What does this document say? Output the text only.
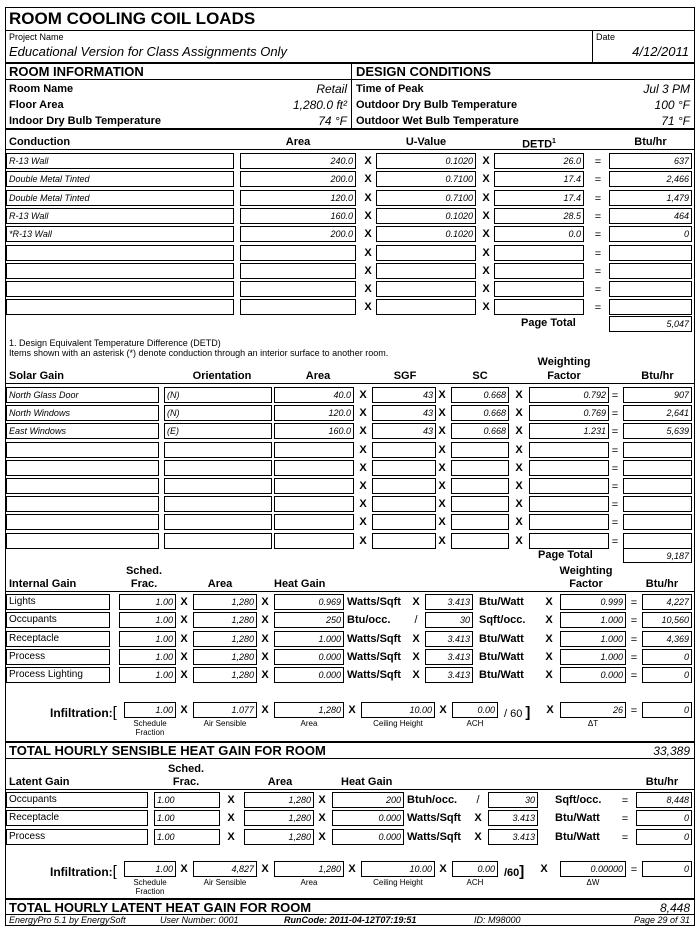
ROOM COOLING COIL LOADS
Project Name
Educational Version for Class Assignments Only
Date
4/12/2011
ROOM INFORMATION	DESIGN CONDITIONS
Room Name	Retail
Floor Area	1,280.0 ft²
Indoor Dry Bulb Temperature	74 °F
Time of Peak	Jul 3 PM
Outdoor Dry Bulb Temperature	100 °F
Outdoor Wet Bulb Temperature	71 °F
Conduction	Area	U-Value	DETD$^1$	Btu/hr
R-13 Wall	240.0	X	0.1020 X	26.0	=	637
Double Metal Tinted	200.0	X	0.7100 X	17.4	=	2,466
Double Metal Tinted	120.0	X	0.7100 X	17.4	=	1,479
R-13 Wall	160.0	X	0.1020 X	28.5	=	464
*R-13 Wall	200.0	X	0.1020 X	0.0	=	0
X	X	=
X	X	=
X	X	=
X	X	=
Page Total	5,047
1. Design Equivalent Temperature Difference (DETD)
Items shown with an asterisk (*) denote conduction through an interior surface to another room.
Weighting
Solar Gain	Orientation	Area	SGF	SC	Factor	Btu/hr
North Glass Door	(N)	40.0 X	43 X	0.668 X	0.792 =	907
North Windows	(N)	120.0 X	43 X	0.668 X	0.769 =	2,641
East Windows	(E)	160.0 X	43 X	0.668 X	1.231 =	5,639
X	X	X	=
X	X	X	=
X	X	X	=
X	X	X	=
X	X	X	=
X	X	X	=
Page Total	9,187
Sched.	Weighting
Internal Gain	Frac.	Area	Heat Gain	Factor	Btu/hr
Lights	1.00 X	1,280 X	0.969 Watts/Sqft	X	3.413 Btu/Watt	X	0.999 =	4,227
Occupants	1.00 X	1,280 X	250 Btu/occ.	/	30 Sqft/occ.	X	1.000 =	10,560
Receptacle	1.00 X	1,280 X	1.000 Watts/Sqft	X	3.413 Btu/Watt	X	1.000 =	4,369
Process	1.00 X	1,280 X	0.000 Watts/Sqft	X	3.413 Btu/Watt	X	1.000 =	0
Process Lighting	1.00 X	1,280 X	0.000 Watts/Sqft	X	3.413 Btu/Watt	X	0.000 =	0
Infiltration:[	1.00 X	1.077 X	1,280 X	10.00 X	0.00 / 60 ]	X	26 =	0
Schedule
Fraction
Air Sensible	Area	Ceiling Height	ACH	ΔT
TOTAL HOURLY SENSIBLE HEAT GAIN FOR ROOM	33,389
Sched.
Latent Gain	Frac.	Area	Heat Gain	Btu/hr
Occupants	1.00	X	1,280 X	200 Btuh/occ.	/	30 Sqft/occ.	=	8,448
Receptacle	1.00	X	1,280 X	0.000 Watts/Sqft	X	3.413 Btu/Watt	=	0
Process	1.00	X	1,280 X	0.000 Watts/Sqft	X	3.413 Btu/Watt	=	0
Infiltration:[	1.00 X	4,827 X	1,280 X	10.00 X	0.00 /60]	X	0.00000 =	0
Schedule
Fraction
Air Sensible	Area	Ceiling Height	ACH	ΔW
TOTAL HOURLY LATENT HEAT GAIN FOR ROOM	8,448
EnergyPro 5.1 by EnergySoft	User Number: 0001	RunCode: 2011-04-12T07:19:51	ID: M98000	Page 29 of 31
